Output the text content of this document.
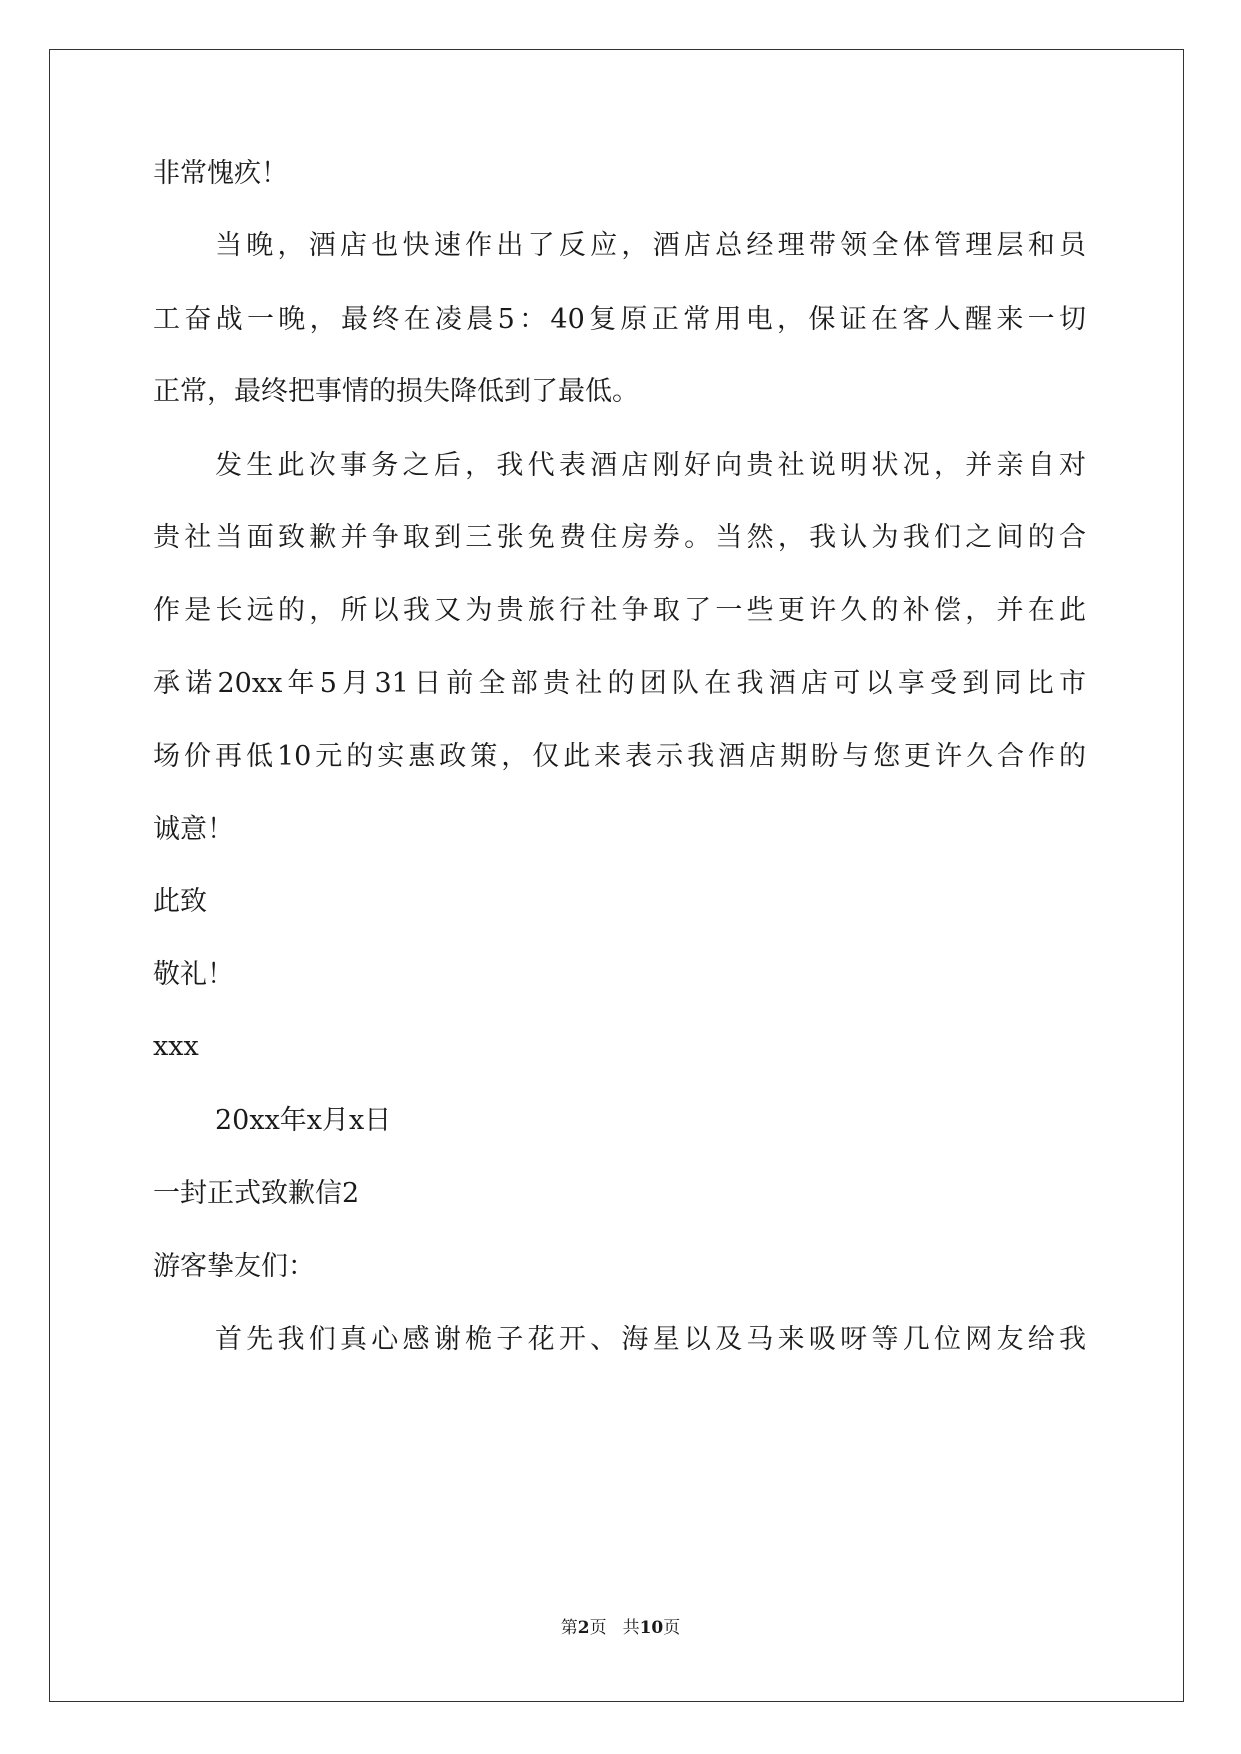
非常愧疚！

当晚，酒店也快速作出了反应，酒店总经理带领全体管理层和员

工奋战一晚，最终在凌晨5：40复原正常用电，保证在客人醒来一切

正常，最终把事情的损失降低到了最低。

发生此次事务之后，我代表酒店刚好向贵社说明状况，并亲自对

贵社当面致歉并争取到三张免费住房券。当然，我认为我们之间的合

作是长远的，所以我又为贵旅行社争取了一些更许久的补偿，并在此

承诺20xx年5月31日前全部贵社的团队在我酒店可以享受到同比市

场价再低10元的实惠政策，仅此来表示我酒店期盼与您更许久合作的

诚意！

此致

敬礼！

xxx

20xx年x月x日

一封正式致歉信2

游客挚友们：

首先我们真心感谢桅子花开、海星以及马来吸呀等几位网友给我

第2页 共10页
